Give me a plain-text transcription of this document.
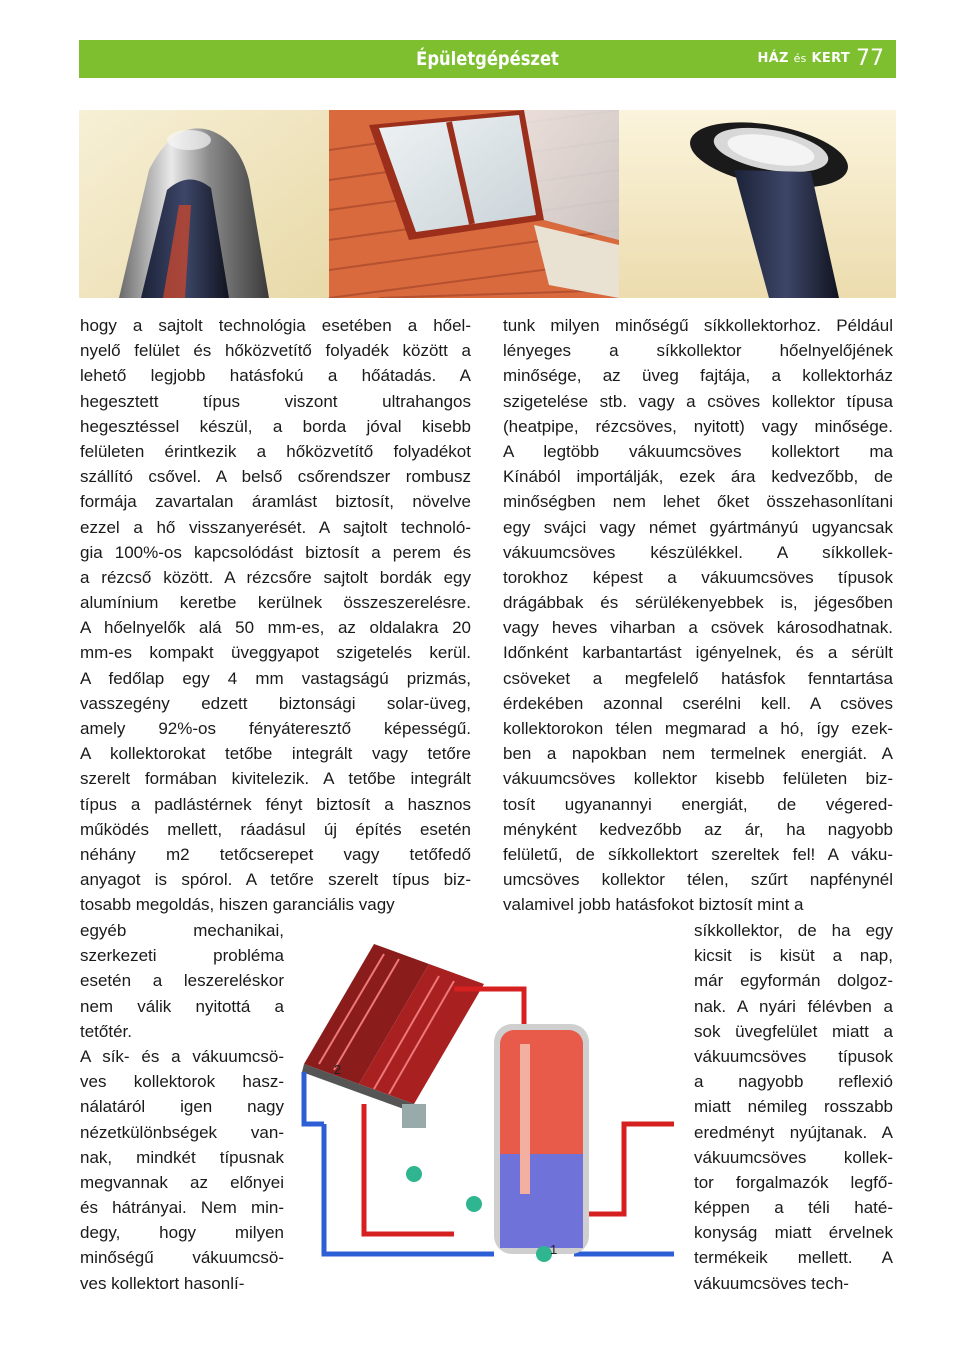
Épületgépészet	HÁZ és KERT 77
hogy a sajtolt technológia esetében a hőel-
nyelő felület és hőközvetítő folyadék között a
lehető legjobb hatásfokú a hőátadás. A
hegesztett típus viszont ultrahangos
hegesztéssel készül, a borda jóval kisebb
felületen érintkezik a hőközvetítő folyadékot
szállító csővel. A belső csőrendszer rombusz
formája zavartalan áramlást biztosít, növelve
ezzel a hő visszanyerését. A sajtolt technoló-
gia 100%-os kapcsolódást biztosít a perem és
a rézcső között. A rézcsőre sajtolt bordák egy
alumínium keretbe kerülnek összeszerelésre.
A hőelnyelők alá 50 mm-es, az oldalakra 20
mm-es kompakt üveggyapot szigetelés kerül.
A fedőlap egy 4 mm vastagságú prizmás,
vasszegény edzett biztonsági solar-üveg,
amely 92%-os fényáteresztő képességű.
A kollektorokat tetőbe integrált vagy tetőre
szerelt formában kivitelezik. A tetőbe integrált
típus a padlástérnek fényt biztosít a hasznos
működés mellett, ráadásul új építés esetén
néhány m2 tetőcserepet vagy tetőfedő
anyagot is spórol. A tetőre szerelt típus biz-
tosabb megoldás, hiszen garanciális vagy
egyéb mechanikai,
szerkezeti probléma
esetén a leszereléskor
nem válik nyitottá a
tetőtér.
A sík- és a vákuumcsö-
ves kollektorok hasz-
nálatáról igen nagy
nézetkülönbségek van-
nak, mindkét típusnak
megvannak az előnyei
és hátrányai. Nem min-
degy, hogy milyen
minőségű vákuumcsö-
ves kollektort hasonlí-
tunk milyen minőségű síkkollektorhoz. Például
lényeges a síkkollektor hőelnyelőjének
minősége, az üveg fajtája, a kollektorház
szigetelése stb. vagy a csöves kollektor típusa
(heatpipe, rézcsöves, nyitott) vagy minősége.
A legtöbb vákuumcsöves kollektort ma
Kínából importálják, ezek ára kedvezőbb, de
minőségben nem lehet őket összehasonlítani
egy svájci vagy német gyártmányú ugyancsak
vákuumcsöves készülékkel. A síkkollek-
torokhoz képest a vákuumcsöves típusok
drágábbak és sérülékenyebbek is, jégesőben
vagy heves viharban a csövek károsodhatnak.
Időnként karbantartást igényelnek, és a sérült
csöveket a megfelelő hatásfok fenntartása
érdekében azonnal cserélni kell. A csöves
kollektorokon télen megmarad a hó, így ezek-
ben a napokban nem termelnek energiát. A
vákuumcsöves kollektor kisebb felületen biz-
tosít ugyanannyi energiát, de végered-
ményként kedvezőbb az ár, ha nagyobb
felületű, de síkkollektort szereltek fel! A váku-
umcsöves kollektor télen, szűrt napfénynél
valamivel jobb hatásfokot biztosít mint a
síkkollektor, de ha egy
kicsit is kisüt a nap,
már egyformán dolgoz-
nak. A nyári félévben a
sok üvegfelület miatt a
vákuumcsöves típusok
a nagyobb reflexió
miatt némileg rosszabb
eredményt nyújtanak. A
vákuumcsöves kollek-
tor forgalmazók legfő-
képpen a téli haté-
konyság miatt érvelnek
termékeik mellett. A
vákuumcsöves tech-
2
1
